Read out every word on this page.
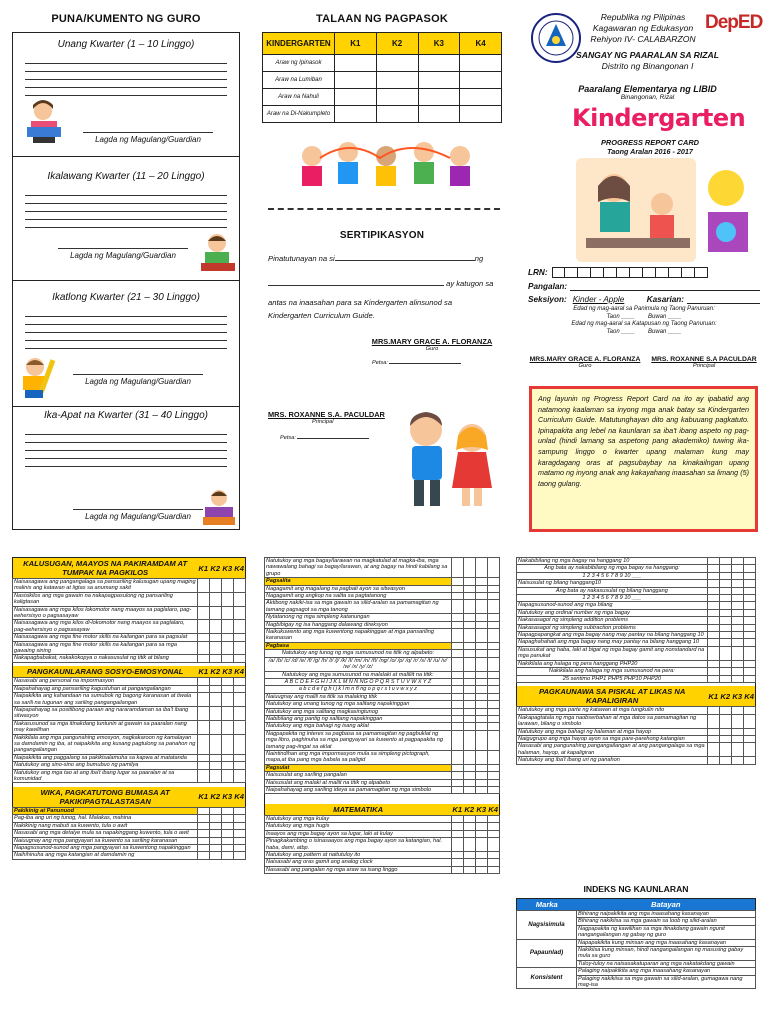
PUNA/KUMENTO NG GURO
Unang Kwarter (1 – 10 Linggo)
Lagda ng Magulang/Guardian
Ikalawang Kwarter (11 – 20 Linggo)
Lagda ng Magulang/Guardian
Ikatlong Kwarter (21 – 30 Linggo)
Lagda ng Magulang/Guardian
Ika-Apat na Kwarter (31 – 40 Linggo)
Lagda ng Magulang/Guardian
TALAAN NG PAGPASOK
KINDERGARTEN	K1	K2	K3	K4
Araw ng Ipinasok				
Araw na Lumiban				
Araw na Nahuli				
Araw na Di-Nakumpleto				
SERTIPIKASYON
Pinatutunayan na si	ng
ay katugon sa
antas na inaasahan para sa Kindergarten alinsunod sa
Kindergarten Curriculum Guide.
MRS.MARY GRACE A. FLORANZA
Guro
Petsa:
MRS. ROXANNE S.A. PACULDAR
Principal
Petsa:
Republika ng Pilipinas
Kagawaran ng Edukasyon
Rehiyon IV- CALABARZON
DepED
SANGAY NG PAARALAN SA RIZAL
Distrito ng Binangonan I
Paaralang Elementarya ng LIBID
Binangonan, Rizal
Kindergarten
PROGRESS REPORT CARD
Taong Aralan 2016 - 2017
LRN:
Pangalan:
Seksiyon: Kinder - Apple	Kasarian:
Edad ng mag-aaral sa Panimula ng Taong Panuruan:
Taon ____        Buwan ____
Edad ng mag-aaral sa Katapusan ng Taong Panuruan:
Taon ____        Buwan ____
MRS.MARY GRACE A. FLORANZA
Guro
MRS. ROXANNE S.A PACULDAR
Principal
Ang layunin ng Progress Report Card na ito ay ipabatid ang natamong kaalaman sa inyong mga anak batay sa Kindergarten Curriculum Guide. Matutunghayan dito ang kabuuang pagkatuto. Ipinapakita ang lebel na kaunlaran sa iba't ibang aspeto ng pag-unlad (hindi lamang sa aspetong pang akademiko) tuwing ika-sampung linggo o kwarter upang malaman kung may karagdagang oras at pagsubaybay na kinakailngan upang matamo ng inyong anak ang kakayahang inaasahan sa limang (5) taong gulang.
KALUSUGAN, MAAYOS NA PAKIRAMDAM AT TUMPAK NA PAGKILOS	K1	K2	K3	K4
Naisasagawa ang pangangalaga sa pansariling kalusugan upang maging malinis ang katawan at ligtas sa anumang sakit				
Nasisikilos ang mga gawain na nakapagpasulong ng pansariling kaligtasan				
Naisasagawa ang mga kilos lokomotor nang maayos sa paglalaro, pag-eehersisyo o pagsasayaw				
Naisasagawa ang mga kilos di-lokomotor nang maayos sa paglalaro, pag-eehersisyo o pagsasayaw				
Naisasagawa ang mga fine motor skills na kailangan para sa pagsulat				
Naisasagawa ang mga fine motor skills na kailangan para sa mga gawaing sining				
Nakapagbabakat, nakakokopya o nakasusulat ng titik at bilang				

PANGKAUNLARANG SOSYO-EMOSYONAL	K1	K2	K3	K4
Nasasabi ang personal na impormasyon				
Naipahahayag ang pansariling kagustuhan at pangangailangan				
Naipakikita ang kahandaan na sumubok ng bagong karanasan at tiwala sa sarili na tugunan ang sariling pangangailangan				
Naipapahayag sa positibong paraan ang nararamdaman sa iba't ibang sitwasyon				
Nakasusunod sa mga itinakdang tuntunin at gawain sa paaralan nang may kawilihan				
Nakikilala ang mga pangunahing emosyon, nagkakaroon ng kamalayan sa damdamin ng iba, at naipakikita ang kusang pagtulong sa panahon ng pangangailangan				
Naipakikita ang paggalang sa pakikisalamuha sa kapwa at matatanda				
Natutukoy ang sino-sino ang bumubuo ng pamilya				
Natutukoy ang mga tao at ang iba't ibang lugar sa paaralan at sa komunidad				

WIKA, PAGKATUTONG BUMASA AT PAKIKIPAGTALASTASAN	K1	K2	K3	K4
Pakikinig at Panunuod				
Pag-iba ang uri ng tunog, hal. Malakas, mahina				
Nakikinig nang mabuti sa kuwento, tula o awit				
Nasasabi ang mga detalye mula sa napakinggang kuwento, tula o awit				
Naiuugnay ang mga pangyayari sa kuwento sa sariling karanasan				
Napagsusunod-sunod ang mga pangyayari sa kuwentong napakinggan				
Naihihinuha ang mga katangian at damdamin ng				
Natutukoy ang mga bagay/larawan na magkatulad at magka-iba, mga nawawalang bahagi sa bagay/larawan, at ang bagay na hindi kabilang sa grupo				
Pagsalita				
Nagagamit ang magalang na pagbati ayon sa sitwasyon				
Nagagamit ang angkop na salita sa pagtatanong				
Aktibong nakiki-isa sa mga gawain sa silid-aralan sa pamamagitan ng tamang pagsagot sa mga tanong				
Nytatanong ng mga simpleng katanungan				
Nagbibigay ng isa hanggang dalawang direksyon				
Naikukuwento ang mga kuwentong napakinggan at mga pansariling karanasan				
Pagbasa				
Natutukoy ang tunog ng mga sumusunod na titik ng alpabeto:				
/a/ /b/ /c/ /d/ /e/ /f/ /g/ /h/ /i/ /j/ /k/ /l/ /m/ /n/ /ñ/ /ng/ /o/ /p/ /q/ /r/ /s/ /t/ /u/ /v/ /w/ /x/ /y/ /z/				
Natutukoy ang mga sumusunod na malalaki at maliliit na titik:				
A B C D E F G H I J K L M N Ñ NG O P Q R S T U V W X Y Z				
a b c d e f g h i j k l m n ñ ng o p q r s t u v w x y z				
Naiuugnay ang malili na titik sa malaking titik				
Natutukoy ang unang tunog ng mga salitang napakinggan				
Natutukoy ang mga salitang magkasingtunog				
Nabibilang ang pantig ng salitang napakinggan				
Natutukoy ang mga bahagi ng isang aklat				
Nagpapakita ng interes sa pagbasa sa pamamagitan ng pagbuklat ng mga libro, paghinuha sa mga pangyayari sa kuwento at pagpapakita ng tamang pag-iingat sa aklat				
Naintindihan ang mga impormasyon mula sa simpleng pictograph, mapa,at iba pang mga babala sa paligid				
Pagsulat				
Naisusulat ang sariling pangalan				
Naisusulat ang malaki at maliit na titik ng alpabeto				
Naipahahayag ang sariling ideya sa pamamagitan ng mga simbolo				

MATEMATIKA	K1	K2	K3	K4
Natutukoy ang mga kulay				
Natutukoy ang mga hugis				
Inaayos ang mga bagay ayon sa lugar, laki at kulay				
Pinagkakambing o isinasaayos ang mga bagay ayon sa katangian, hal. haba, dami, atbp.				
Natutukoy ang pattern at naitutuloy ito				
Naisasabi ang oras gamit ang analog clock				
Nasasabi ang pangalan ng mga araw sa isang linggo				
Nakabibilang ng mga bagay na hanggang 10				
Ang bata ay nakabibilang ng mga bagay na hanggang:				
1 2 3 4 5 6 7 8 9 10 ___				
Naisusulat ng bilang hanggang10				
Ang bata ay nakasusulat ng bilang hanggang				
1 2 3 4 5 6 7 8 9 10 ___				
Napagsusunod-sunod ang mga bilang				
Natutukoy ang ordinal number ng mga bagay				
Nakasasagot ng simpleng addition problems				
Nakasasagot ng simpleng subtraction problems				
Napagpapangkat ang mga bagay nang may pantay na bilang hanggang 10				
Napaghahahati ang mga bagay nang may pantay na bilang hanggang 10				
Nasusukat ang haba, laki at bigat ng mga bagay gamit ang nonstandard na mga panukat				
Nakikilala ang halaga ng pera hanggang PHP20				
Nakikilala ang halaga ng mga sumusunod na pera:				
25 sentimo PHP1 PHP5 PHP10 PHP20				

PAGKAUNAWA SA PISKAL AT LIKAS NA KAPALIGIRAN	K1	K2	K3	K4
Natutukoy ang mga parte ng katawan at mga tungkulin nito				
Nakapagtatala ng mga naobserbahan at mga datos sa pamamagitan ng larawan, bilang o simbolo				
Natutukoy ang mga bahagi ng halaman at mga hayop				
Naigugrupo ang mga hayop ayon sa mga pare-parehong katangian				
Nasasabi ang pangunahing pangangailangan at ang pangangalaga sa mga halaman, hayop, at kapaligiran				
Natutukoy ang iba't ibang uri ng panahon				
INDEKS NG KAUNLARAN
Marka	Batayan
Nagsisimula	Bihirang naipakikita ang mga inaasahang kasanayan
	Bihirang nakikiisa sa mga gawain sa loob ng silid-aralan
	Nagpapakita ng kawilihan sa mga itinakdang gawain ngunit nangangailangan ng gabay ng guro
Papaunlad)	Napapakikita kung minsan ang mga inaasahang kasanayan
	Nakikiisa kung minsan, hindi nangangailangan ng masusing gabay mula sa guro
	Tuloy-tuloy na naisasakatuparan ang mga nakatakdang gawain
Konsistent	Palaging naipakikita ang mga inaasahang kasanayan
	Palaging nakikiisa sa mga gawain sa silid-aralan, gumagawa nang mag-isa
